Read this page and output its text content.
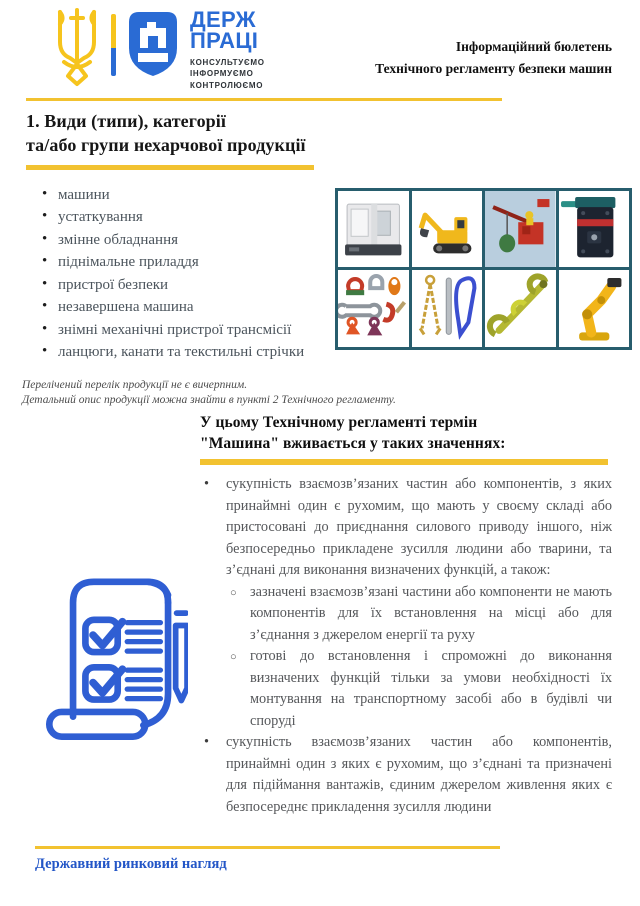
ДЕРЖ
ПРАЦІ
КОНСУЛЬТУЄМО
ІНФОРМУЄМО
КОНТРОЛЮЄМО
Інформаційний бюлетень
Технічного регламенту безпеки машин
1. Види (типи), категорії
та/або групи нехарчової продукції
• машини
• устаткування
• змінне обладнання
• піднімальне приладдя
• пристрої безпеки
• незавершена машина
• знімні механічні пристрої трансмісії
• ланцюги, канати та текстильні стрічки
Перелічений перелік продукції не є вичерпним.
Детальний опис продукції можна знайти в пункті 2 Технічного регламенту.
У цьому Технічному регламенті термін
"Машина" вживається у таких значеннях:
• сукупність взаємозв’язаних частин або компонентів, з яких принаймні один є рухомим, що мають у своєму складі або пристосовані до приєднання силового приводу іншого, ніж безпосередньо прикладене зусилля людини або тварини, та з’єднані для виконання визначених функцій, а також:
○ зазначені взаємозв’язані частини або компоненти не мають компонентів для їх встановлення на місці або для з’єднання з джерелом енергії та руху
○ готові до встановлення і спроможні до виконання визначених функцій тільки за умови необхідності їх монтування на транспортному засобі або в будівлі чи споруді
• сукупність взаємозв’язаних частин або компонентів, принаймні один з яких є рухомим, що з’єднані та призначені для підіймання вантажів, єдиним джерелом живлення яких є безпосереднє прикладення зусилля людини
Державний ринковий нагляд
